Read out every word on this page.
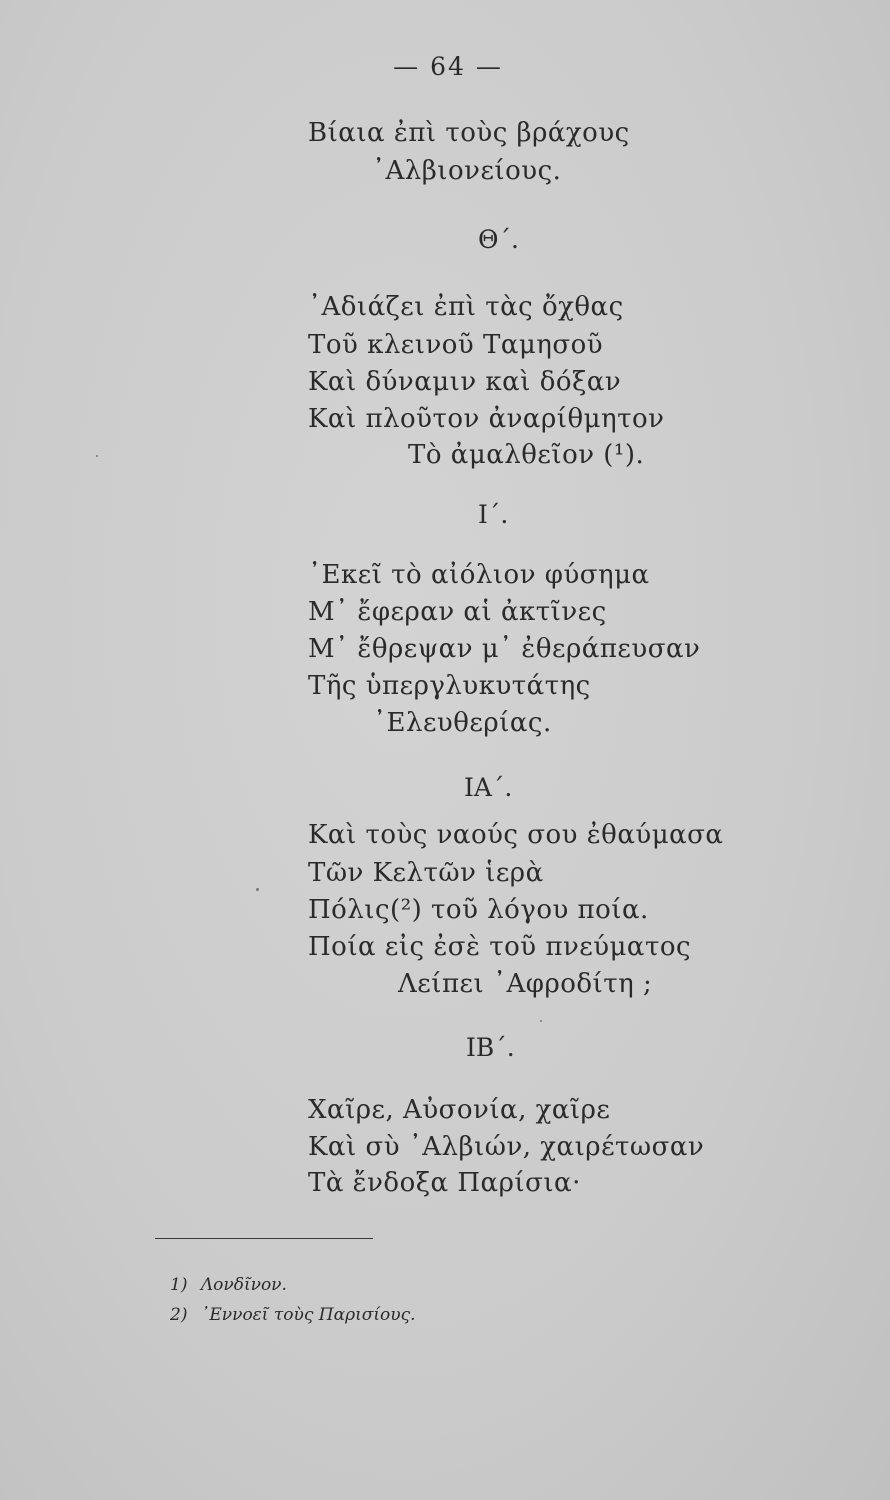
— 64 —
Βίαια ἐπὶ τοὺς βράχους
᾿Αλβιονείους.
Θ΄.
᾿Αδιάζει ἐπὶ τὰς ὄχθας
Τοῦ κλεινοῦ Ταμησοῦ
Καὶ δύναμιν καὶ δόξαν
Καὶ πλοῦτον ἀναρίθμητον
Τὸ ἀμαλθεῖον (¹).
Ι΄.
᾿Εκεῖ τὸ αἰόλιον φύσημα
Μ᾿ ἔφεραν αἱ ἀκτῖνες
Μ᾿ ἔθρεψαν μ᾿ ἐθεράπευσαν
Τῆς ὑπεργλυκυτάτης
᾿Ελευθερίας.
ΙΑ΄.
Καὶ τοὺς ναούς σου ἐθαύμασα
Τῶν Κελτῶν ἱερὰ
Πόλις(²) τοῦ λόγου ποία.
Ποία εἰς ἐσὲ τοῦ πνεύματος
Λείπει ᾿Αφροδίτη ;
ΙΒ΄.
Χαῖρε, Αὐσονία, χαῖρε
Καὶ σὺ ᾿Αλβιών, χαιρέτωσαν
Τὰ ἔνδοξα Παρίσια·
1) Λονδῖνον.
2) ᾿Εννοεῖ τοὺς Παρισίους.
